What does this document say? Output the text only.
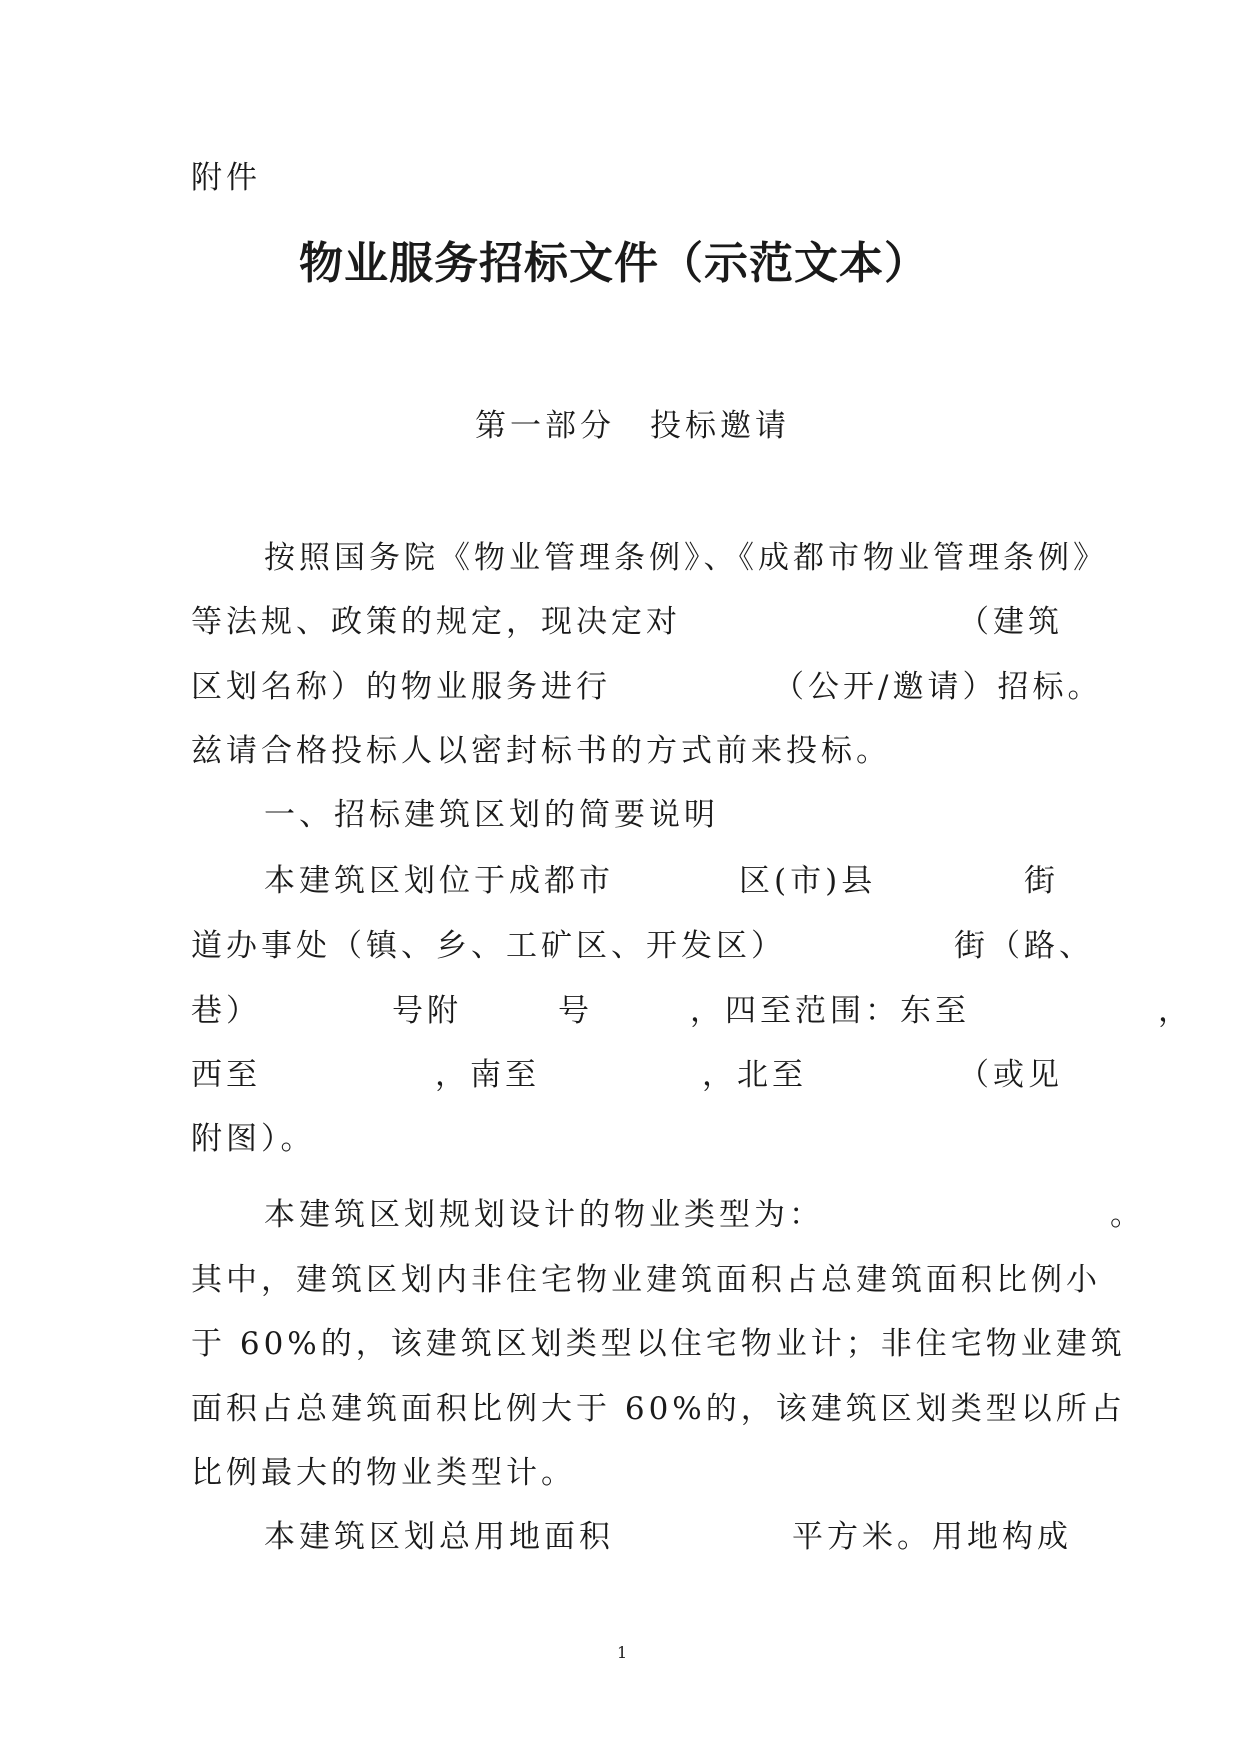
附件

物业服务招标文件（示范文本）
第一部分　投标邀请

按照国务院《物业管理条例》、《成都市物业管理条例》

等法规、政策的规定，现决定对	（建筑
区划名称）的物业服务进行	（公开/邀请）招标。

兹请合格投标人以密封标书的方式前来投标。

一、招标建筑区划的简要说明

本建筑区划位于成都市	区(市)县	街
道办事处（镇、乡、工矿区、开发区）	街（路、
巷）	号附	号	，四至范围：东至	，
西至	，南至	，北至	（或见

附图）。

本建筑区划规划设计的物业类型为：	。

其中，建筑区划内非住宅物业建筑面积占总建筑面积比例小

于 60%的，该建筑区划类型以住宅物业计；非住宅物业建筑

面积占总建筑面积比例大于 60%的，该建筑区划类型以所占

比例最大的物业类型计。

本建筑区划总用地面积	平方米。用地构成

1
